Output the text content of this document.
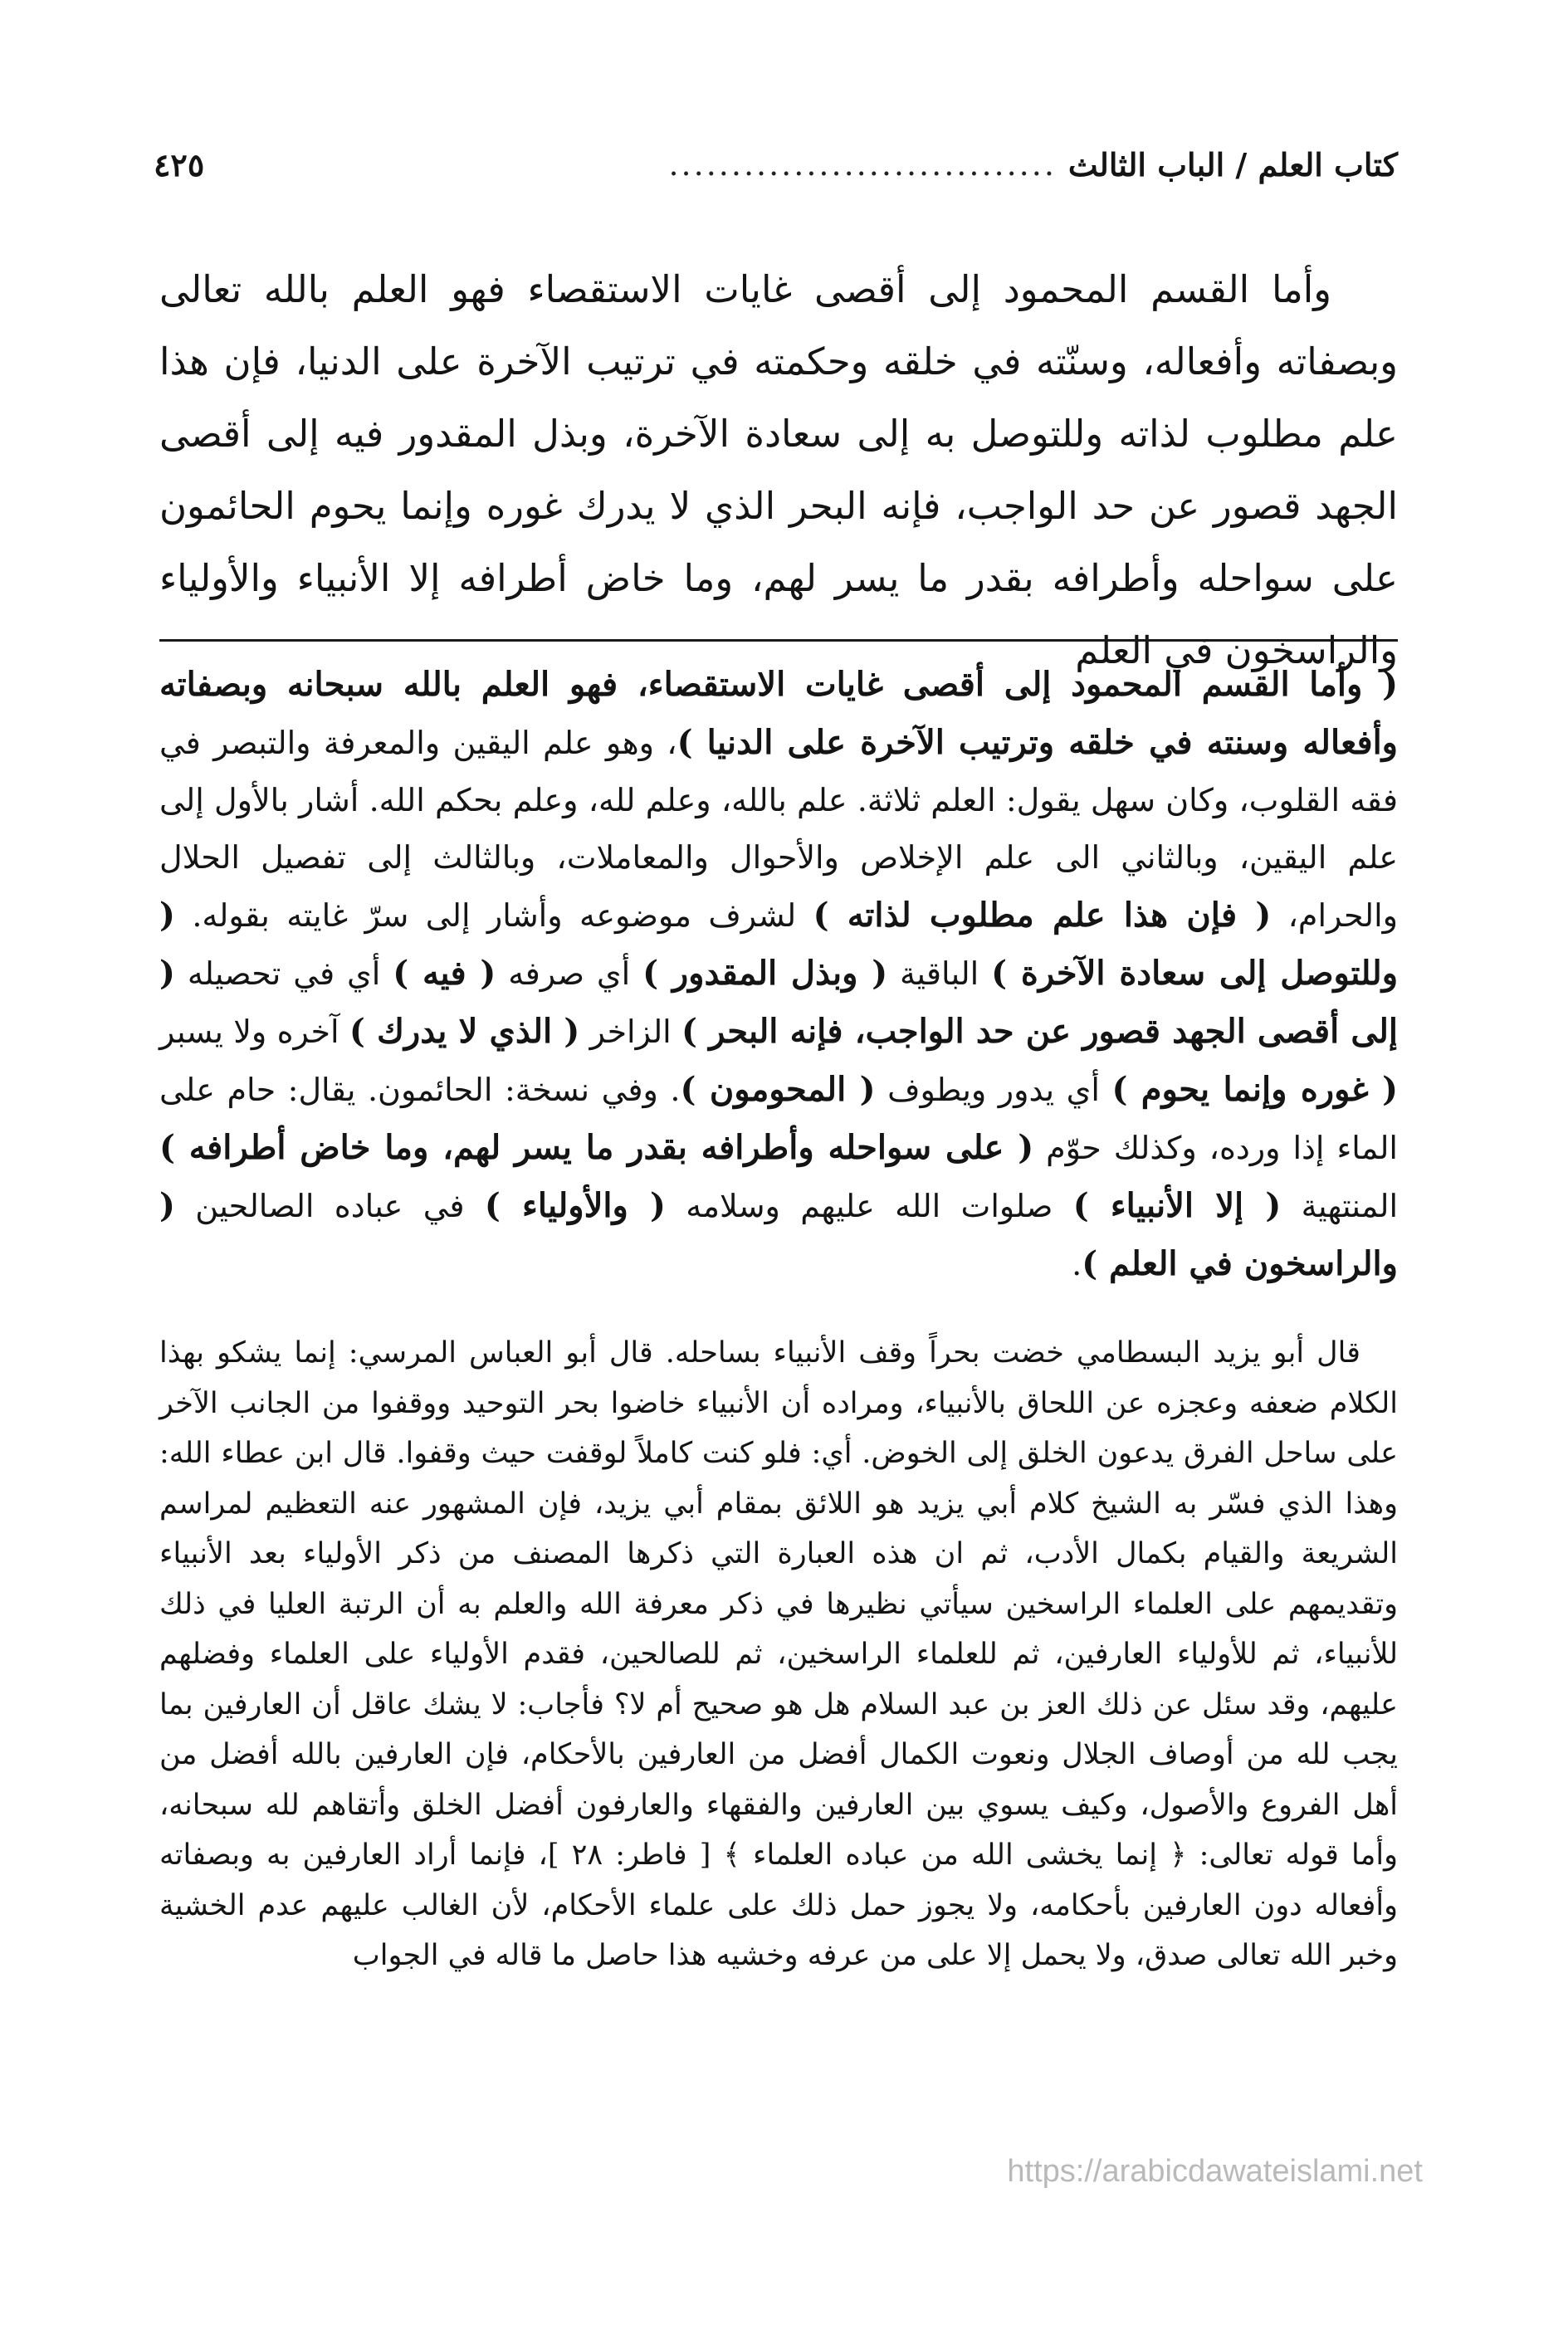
كتاب العلم / الباب الثالث
...............................
٤٢٥

وأما القسم المحمود إلى أقصى غايات الاستقصاء فهو العلم بالله تعالى وبصفاته وأفعاله، وسنّته في خلقه وحكمته في ترتيب الآخرة على الدنيا، فإن هذا علم مطلوب لذاته وللتوصل به إلى سعادة الآخرة، وبذل المقدور فيه إلى أقصى الجهد قصور عن حد الواجب، فإنه البحر الذي لا يدرك غوره وإنما يحوم الحائمون على سواحله وأطرافه بقدر ما يسر لهم، وما خاض أطرافه إلا الأنبياء والأولياء والراسخون في العلم

( وأما القسم المحمود إلى أقصى غايات الاستقصاء، فهو العلم بالله سبحانه وبصفاته وأفعاله وسنته في خلقه وترتيب الآخرة على الدنيا )، وهو علم اليقين والمعرفة والتبصر في فقه القلوب، وكان سهل يقول: العلم ثلاثة. علم بالله، وعلم لله، وعلم بحكم الله. أشار بالأول إلى علم اليقين، وبالثاني الى علم الإخلاص والأحوال والمعاملات، وبالثالث إلى تفصيل الحلال والحرام، ( فإن هذا علم مطلوب لذاته ) لشرف موضوعه وأشار إلى سرّ غايته بقوله. ( وللتوصل إلى سعادة الآخرة ) الباقية ( وبذل المقدور ) أي صرفه ( فيه ) أي في تحصيله ( إلى أقصى الجهد قصور عن حد الواجب، فإنه البحر ) الزاخر ( الذي لا يدرك ) آخره ولا يسبر ( غوره وإنما يحوم ) أي يدور ويطوف ( المحومون ). وفي نسخة: الحائمون. يقال: حام على الماء إذا ورده، وكذلك حوّم ( على سواحله وأطرافه بقدر ما يسر لهم، وما خاض أطرافه ) المنتهية ( إلا الأنبياء ) صلوات الله عليهم وسلامه ( والأولياء ) في عباده الصالحين ( والراسخون في العلم ).

قال أبو يزيد البسطامي خضت بحراً وقف الأنبياء بساحله. قال أبو العباس المرسي: إنما يشكو بهذا الكلام ضعفه وعجزه عن اللحاق بالأنبياء، ومراده أن الأنبياء خاضوا بحر التوحيد ووقفوا من الجانب الآخر على ساحل الفرق يدعون الخلق إلى الخوض. أي: فلو كنت كاملاً لوقفت حيث وقفوا. قال ابن عطاء الله: وهذا الذي فسّر به الشيخ كلام أبي يزيد هو اللائق بمقام أبي يزيد، فإن المشهور عنه التعظيم لمراسم الشريعة والقيام بكمال الأدب، ثم ان هذه العبارة التي ذكرها المصنف من ذكر الأولياء بعد الأنبياء وتقديمهم على العلماء الراسخين سيأتي نظيرها في ذكر معرفة الله والعلم به أن الرتبة العليا في ذلك للأنبياء، ثم للأولياء العارفين، ثم للعلماء الراسخين، ثم للصالحين، فقدم الأولياء على العلماء وفضلهم عليهم، وقد سئل عن ذلك العز بن عبد السلام هل هو صحيح أم لا؟ فأجاب: لا يشك عاقل أن العارفين بما يجب لله من أوصاف الجلال ونعوت الكمال أفضل من العارفين بالأحكام، فإن العارفين بالله أفضل من أهل الفروع والأصول، وكيف يسوي بين العارفين والفقهاء والعارفون أفضل الخلق وأتقاهم لله سبحانه، وأما قوله تعالى: ﴿ إنما يخشى الله من عباده العلماء ﴾ [ فاطر: ٢٨ ]، فإنما أراد العارفين به وبصفاته وأفعاله دون العارفين بأحكامه، ولا يجوز حمل ذلك على علماء الأحكام، لأن الغالب عليهم عدم الخشية وخبر الله تعالى صدق، ولا يحمل إلا على من عرفه وخشيه هذا حاصل ما قاله في الجواب

https://arabicdawateislami.net
